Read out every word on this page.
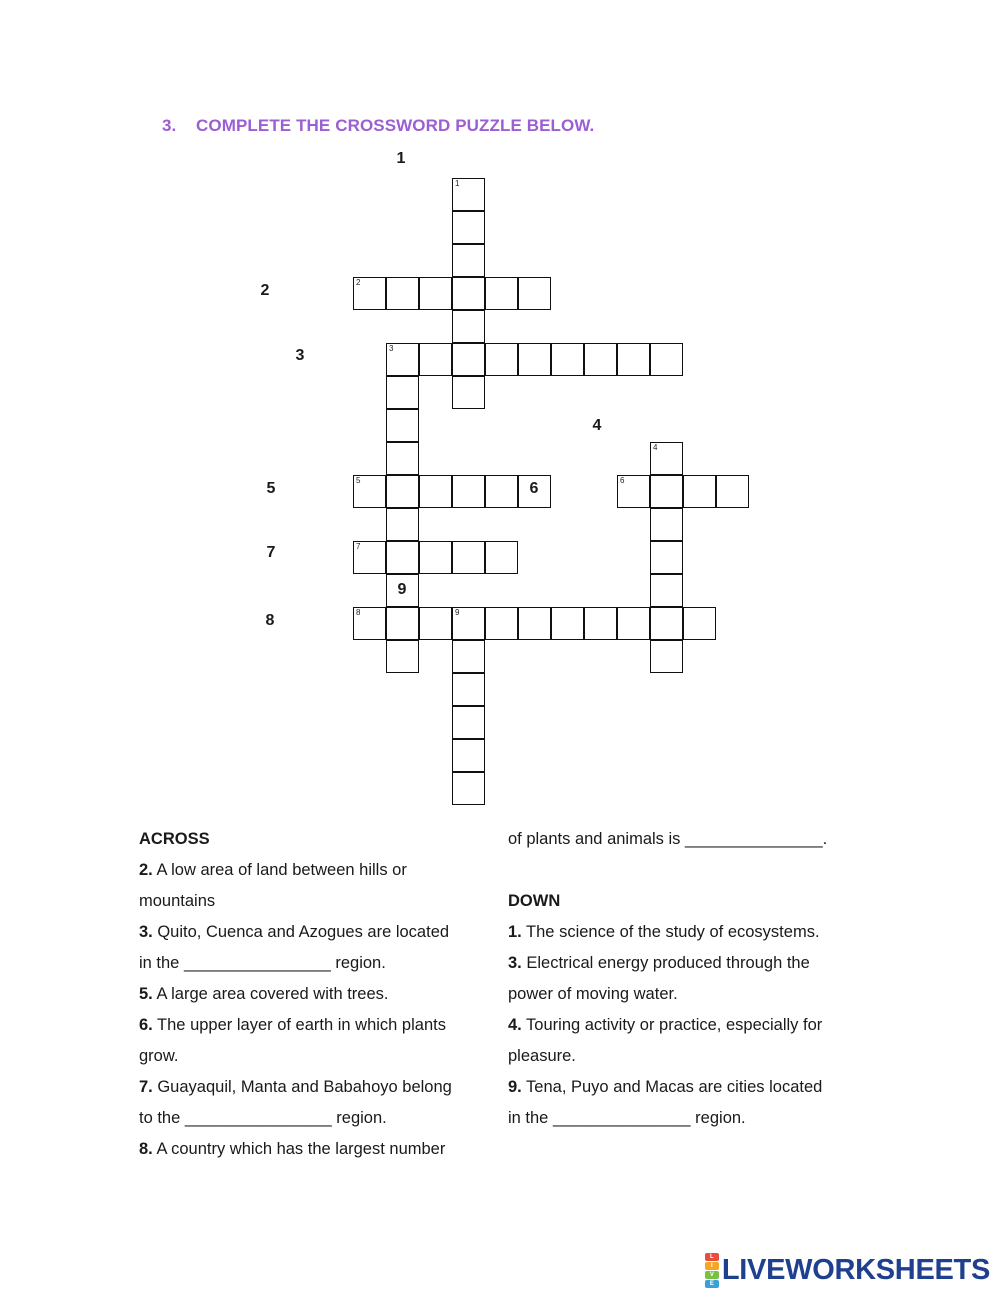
3. COMPLETE THE CROSSWORD PUZZLE BELOW.
2
3
5	6
7
8	9
1
4
1
2
3
4
5	6
7
8
9

ACROSS

2. A low area of land between hills or

mountains

3. Quito, Cuenca and Azogues are located

in the ________________ region.

5. A large area covered with trees.

6. The upper layer of earth in which plants

grow.

7. Guayaquil, Manta and Babahoyo belong

to the ________________ region.

8. A country which has the largest number

of plants and animals is _______________.

DOWN

1. The science of the study of ecosystems.

3. Electrical energy produced through the

power of moving water.

4. Touring activity or practice, especially for

pleasure.

9. Tena, Puyo and Macas are cities located

in the _______________ region.

L
I
V
E LIVEWORKSHEETS
